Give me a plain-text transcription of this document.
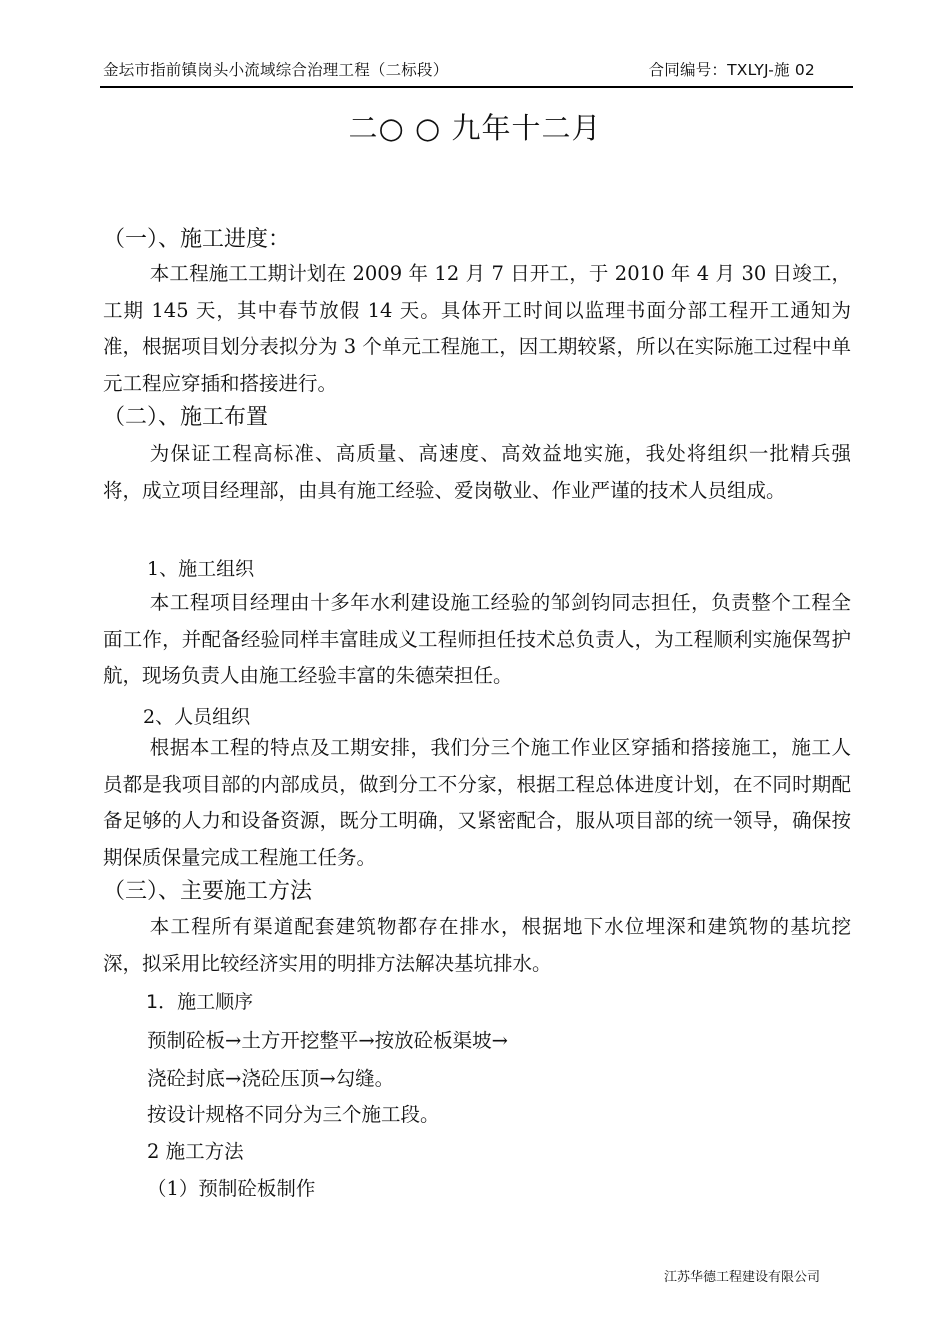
金坛市指前镇岗头小流域综合治理工程（二标段）	合同编号：TXLYJ-施 02
二○ ○ 九年十二月
（一）、施工进度：

本工程施工工期计划在 2009 年 12 月 7 日开工，于 2010 年 4 月 30 日竣工，工期 145 天，其中春节放假 14 天。具体开工时间以监理书面分部工程开工通知为准，根据项目划分表拟分为 3 个单元工程施工，因工期较紧，所以在实际施工过程中单元工程应穿插和搭接进行。

（二）、施工布置

为保证工程高标准、高质量、高速度、高效益地实施，我处将组织一批精兵强将，成立项目经理部，由具有施工经验、爱岗敬业、作业严谨的技术人员组成。

1、施工组织

本工程项目经理由十多年水利建设施工经验的邹剑钧同志担任，负责整个工程全面工作，并配备经验同样丰富眭成义工程师担任技术总负责人，为工程顺利实施保驾护航，现场负责人由施工经验丰富的朱德荣担任。

2、人员组织

根据本工程的特点及工期安排，我们分三个施工作业区穿插和搭接施工，施工人员都是我项目部的内部成员，做到分工不分家，根据工程总体进度计划，在不同时期配备足够的人力和设备资源，既分工明确，又紧密配合，服从项目部的统一领导，确保按期保质保量完成工程施工任务。

（三）、主要施工方法

本工程所有渠道配套建筑物都存在排水，根据地下水位埋深和建筑物的基坑挖深，拟采用比较经济实用的明排方法解决基坑排水。

1．施工顺序
预制砼板→土方开挖整平→按放砼板渠坡→
浇砼封底→浇砼压顶→勾缝。
按设计规格不同分为三个施工段。
2 施工方法
（1）预制砼板制作
江苏华德工程建设有限公司
